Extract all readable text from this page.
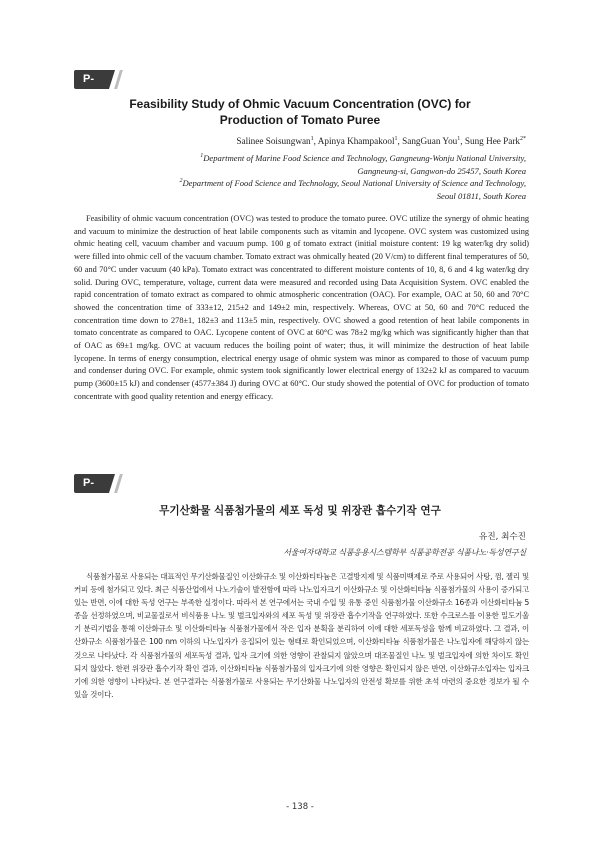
P-15	Feasibility Study of Ohmic Vacuum Concentration (OVC) for
Production of Tomato Puree
Salinee Soisungwan$^1$, Apinya Khampakool$^1$, SangGuan You$^1$, Sung Hee Park$^{2*}$
$^1$Department of Marine Food Science and Technology, Gangneung-Wonju National University,
Gangneung-si, Gangwon-do 25457, South Korea
$^2$Department of Food Science and Technology, Seoul National University of Science and Technology,
Seoul 01811, South Korea

Feasibility of ohmic vacuum concentration (OVC) was tested to produce the tomato puree. OVC utilize the synergy of ohmic heating and vacuum to minimize the destruction of heat labile components such as vitamin and lycopene. OVC system was customized using ohmic heating cell, vacuum chamber and vacuum pump. 100 g of tomato extract (initial moisture content: 19 kg water/kg dry solid) were filled into ohmic cell of the vacuum chamber. Tomato extract was ohmically heated (20 V/cm) to different final temperatures of 50, 60 and 70°C under vacuum (40 kPa). Tomato extract was concentrated to different moisture contents of 10, 8, 6 and 4 kg water/kg dry solid. During OVC, temperature, voltage, current data were measured and recorded using Data Acquisition System. OVC enabled the rapid concentration of tomato extract as compared to ohmic atmospheric concentration (OAC). For example, OAC at 50, 60 and 70°C showed the concentration time of 333±12, 215±2 and 149±2 min, respectively. Whereas, OVC at 50, 60 and 70°C reduced the concentration time down to 278±1, 182±3 and 113±5 min, respectively. OVC showed a good retention of heat labile components in tomato concentrate as compared to OAC. Lycopene content of OVC at 60°C was 78±2 mg/kg which was significantly higher than that of OAC as 69±1 mg/kg. OVC at vacuum reduces the boiling point of water; thus, it will minimize the destruction of heat labile lycopene. In terms of energy consumption, electrical energy usage of ohmic system was minor as compared to those of vacuum pump and condenser during OVC. For example, ohmic system took significantly lower electrical energy of 132±2 kJ as compared to vacuum pump (3600±15 kJ) and condenser (4577±384 J) during OVC at 60°C. Our study showed the potential of OVC for production of tomato concentrate with good quality retention and energy efficacy.

P-16
무기산화물 식품첨가물의 세포 독성 및 위장관 흡수기작 연구
유진, 최수진
서울여자대학교 식품응용시스템학부 식품공학전공 식품나노·독성연구실

식품첨가물로 사용되는 대표적인 무기산화물질인 이산화규소 및 이산화티타늄은 고결방지제 및 식품미백제로 주로 사용되어 사탕, 껌, 젤리 및 커피 등에 첨가되고 있다. 최근 식품산업에서 나노기술이 발전함에 따라 나노입자크기 이산화규소 및 이산화티타늄 식품첨가물의 사용이 증가되고 있는 반면, 이에 대한 독성 연구는 부족한 실정이다. 따라서 본 연구에서는 국내 수입 및 유통 중인 식품첨가물 이산화규소 16종과 이산화티타늄 5종을 선정하였으며, 비교물질로서 비식품용 나노 및 벌크입자와의 세포 독성 및 위장관 흡수기작을 연구하였다. 또한 수크로스를 이용한 밀도기울기 분리기법을 통해 이산화규소 및 이산화티타늄 식품첨가물에서 작은 입자 분획을 분리하여 이에 대한 세포독성을 함께 비교하였다. 그 결과, 이산화규소 식품첨가물은 100 nm 이하의 나노입자가 응집되어 있는 형태로 확인되었으며, 이산화티타늄 식품첨가물은 나노입자에 해당하지 않는 것으로 나타났다. 각 식품첨가물의 세포독성 결과, 입자 크기에 의한 영향이 관찰되지 않았으며 대조물질인 나노 및 벌크입자에 의한 차이도 확인되지 않았다. 한편 위장관 흡수기작 확인 결과, 이산화티타늄 식품첨가물의 입자크기에 의한 영향은 확인되지 않은 반면, 이산화규소입자는 입자크기에 의한 영향이 나타났다. 본 연구결과는 식품첨가물로 사용되는 무기산화물 나노입자의 안전성 확보를 위한 초석 마련의 중요한 정보가 될 수 있을 것이다.

- 138 -
